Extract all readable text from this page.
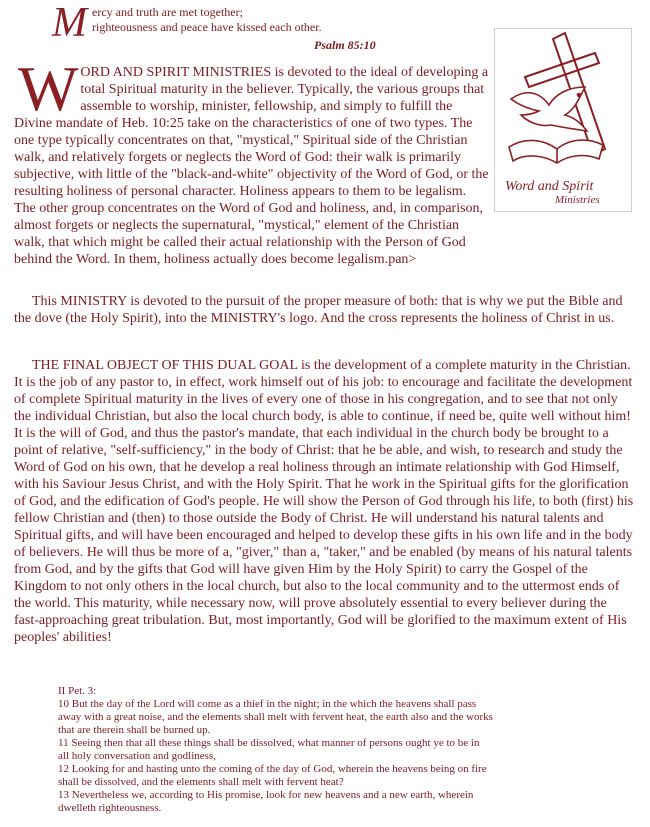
M ercy and truth are met together;
righteousness and peace have kissed each other.
Psalm 85:10
Word and Spirit
Ministries
WORD AND SPIRIT MINISTRIES is devoted to the ideal of developing a total Spiritual maturity in the believer. Typically, the various groups that assemble to worship, minister, fellowship, and simply to fulfill the Divine mandate of Heb. 10:25 take on the characteristics of one of two types. The one type typically concentrates on that, "mystical," Spiritual side of the Christian walk, and relatively forgets or neglects the Word of God: their walk is primarily subjective, with little of the "black-and-white" objectivity of the Word of God, or the resulting holiness of personal character. Holiness appears to them to be legalism. The other group concentrates on the Word of God and holiness, and, in comparison, almost forgets or neglects the supernatural, "mystical," element of the Christian walk, that which might be called their actual relationship with the Person of God behind the Word. In them, holiness actually does become legalism.pan>
This MINISTRY is devoted to the pursuit of the proper measure of both: that is why we put the Bible and the dove (the Holy Spirit), into the MINISTRY's logo. And the cross represents the holiness of Christ in us.
THE FINAL OBJECT OF THIS DUAL GOAL is the development of a complete maturity in the Christian. It is the job of any pastor to, in effect, work himself out of his job: to encourage and facilitate the development of complete Spiritual maturity in the lives of every one of those in his congregation, and to see that not only the individual Christian, but also the local church body, is able to continue, if need be, quite well without him! It is the will of God, and thus the pastor's mandate, that each individual in the church body be brought to a point of relative, "self-sufficiency," in the body of Christ: that he be able, and wish, to research and study the Word of God on his own, that he develop a real holiness through an intimate relationship with God Himself, with his Saviour Jesus Christ, and with the Holy Spirit. That he work in the Spiritual gifts for the glorification of God, and the edification of God's people. He will show the Person of God through his life, to both (first) his fellow Christian and (then) to those outside the Body of Christ. He will understand his natural talents and Spiritual gifts, and will have been encouraged and helped to develop these gifts in his own life and in the body of believers. He will thus be more of a, "giver," than a, "taker," and be enabled (by means of his natural talents from God, and by the gifts that God will have given Him by the Holy Spirit) to carry the Gospel of the Kingdom to not only others in the local church, but also to the local community and to the uttermost ends of the world. This maturity, while necessary now, will prove absolutely essential to every believer during the fast-approaching great tribulation. But, most importantly, God will be glorified to the maximum extent of His peoples' abilities!
II Pet. 3:
10 But the day of the Lord will come as a thief in the night; in the which the heavens shall pass
away with a great noise, and the elements shall melt with fervent heat, the earth also and the works
that are therein shall be burned up.
11 Seeing then that all these things shall be dissolved, what manner of persons ought ye to be in
all holy conversation and godliness,
12 Looking for and hasting unto the coming of the day of God, wherein the heavens being on fire
shall be dissolved, and the elements shall melt with fervent heat?
13 Nevertheless we, according to His promise, look for new heavens and a new earth, wherein
dwelleth righteousness.
